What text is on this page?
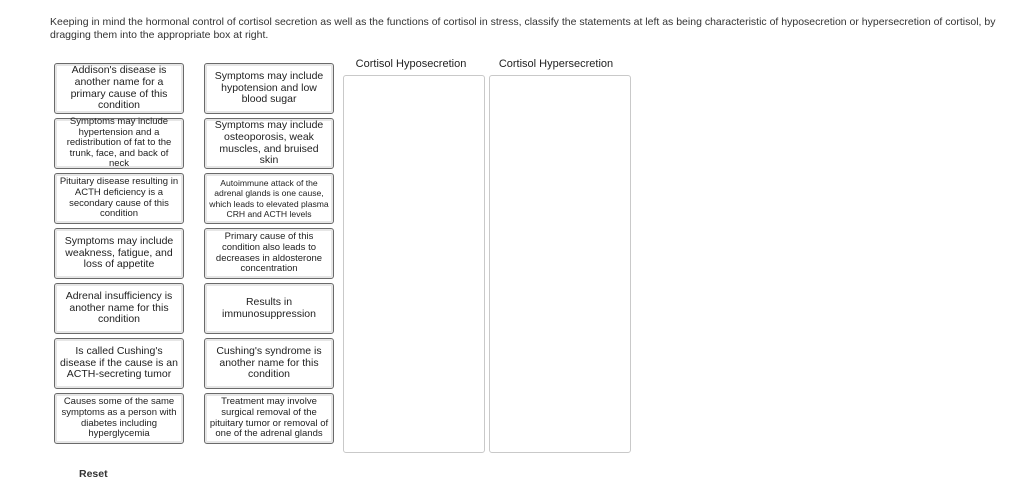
Keeping in mind the hormonal control of cortisol secretion as well as the functions of cortisol in stress, classify the statements at left as being characteristic of hyposecretion or hypersecretion of cortisol, by dragging them into the appropriate box at right.
Addison's disease is another name for a primary cause of this condition
Symptoms may include hypotension and low blood sugar
Symptoms may include hypertension and a redistribution of fat to the trunk, face, and back of neck
Symptoms may include osteoporosis, weak muscles, and bruised skin
Pituitary disease resulting in ACTH deficiency is a secondary cause of this condition
Autoimmune attack of the adrenal glands is one cause, which leads to elevated plasma CRH and ACTH levels
Symptoms may include weakness, fatigue, and loss of appetite
Primary cause of this condition also leads to decreases in aldosterone concentration
Adrenal insufficiency is another name for this condition
Results in immunosuppression
Is called Cushing's disease if the cause is an ACTH-secreting tumor
Cushing's syndrome is another name for this condition
Causes some of the same symptoms as a person with diabetes including hyperglycemia
Treatment may involve surgical removal of the pituitary tumor or removal of one of the adrenal glands
Cortisol Hyposecretion	Cortisol Hypersecretion
Reset
